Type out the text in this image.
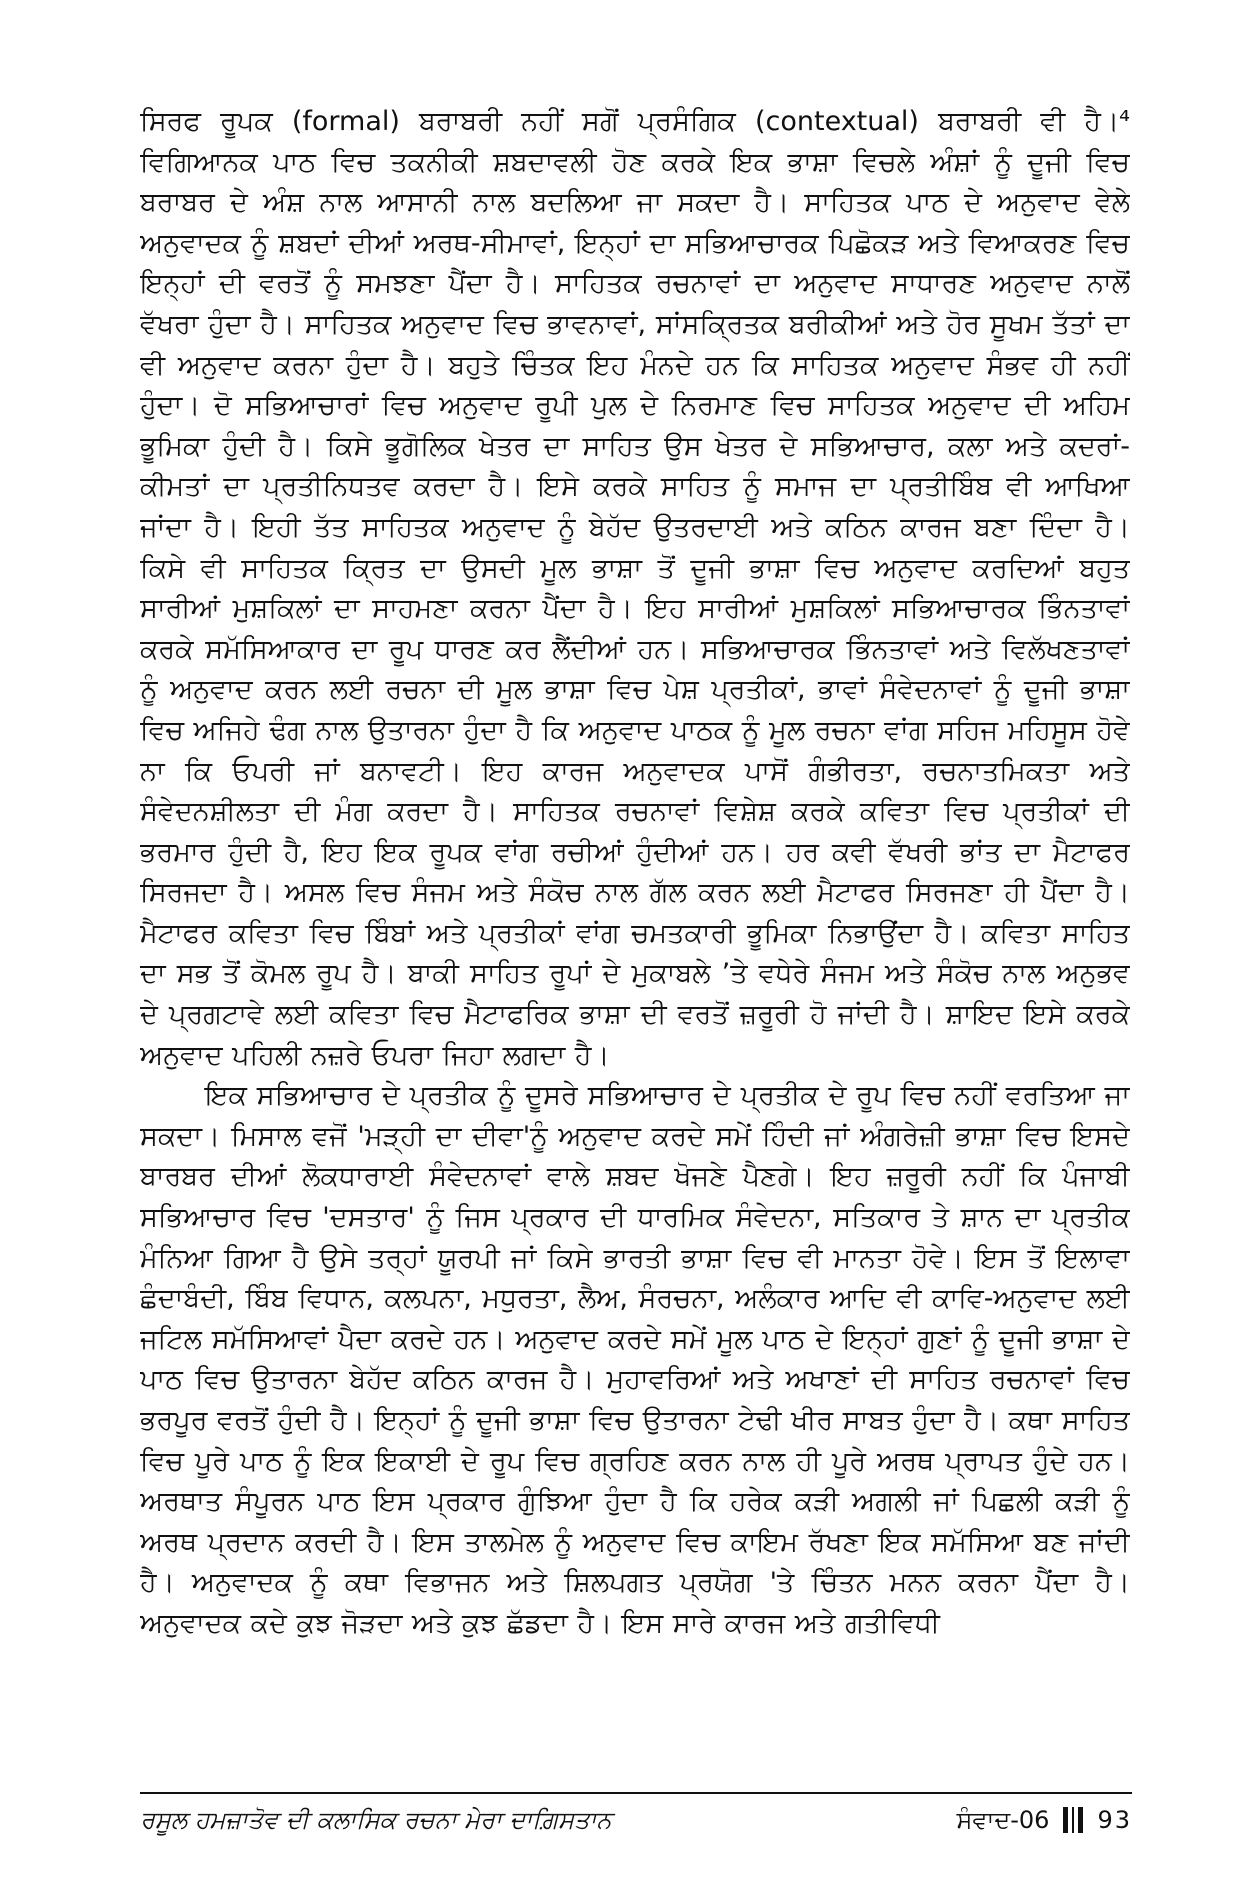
ਸਿਰਫ ਰੂਪਕ (formal) ਬਰਾਬਰੀ ਨਹੀਂ ਸਗੋਂ ਪ੍ਰਸੰਗਿਕ (contextual) ਬਰਾਬਰੀ ਵੀ ਹੈ।⁴ ਵਿਗਿਆਨਕ ਪਾਠ ਵਿਚ ਤਕਨੀਕੀ ਸ਼ਬਦਾਵਲੀ ਹੋਣ ਕਰਕੇ ਇਕ ਭਾਸ਼ਾ ਵਿਚਲੇ ਅੰਸ਼ਾਂ ਨੂੰ ਦੂਜੀ ਵਿਚ ਬਰਾਬਰ ਦੇ ਅੰਸ਼ ਨਾਲ ਆਸਾਨੀ ਨਾਲ ਬਦਲਿਆ ਜਾ ਸਕਦਾ ਹੈ। ਸਾਹਿਤਕ ਪਾਠ ਦੇ ਅਨੁਵਾਦ ਵੇਲੇ ਅਨੁਵਾਦਕ ਨੂੰ ਸ਼ਬਦਾਂ ਦੀਆਂ ਅਰਥ-ਸੀਮਾਵਾਂ, ਇਨ੍ਹਾਂ ਦਾ ਸਭਿਆਚਾਰਕ ਪਿਛੋਕੜ ਅਤੇ ਵਿਆਕਰਣ ਵਿਚ ਇਨ੍ਹਾਂ ਦੀ ਵਰਤੋਂ ਨੂੰ ਸਮਝਣਾ ਪੈਂਦਾ ਹੈ। ਸਾਹਿਤਕ ਰਚਨਾਵਾਂ ਦਾ ਅਨੁਵਾਦ ਸਾਧਾਰਣ ਅਨੁਵਾਦ ਨਾਲੋਂ ਵੱਖਰਾ ਹੁੰਦਾ ਹੈ। ਸਾਹਿਤਕ ਅਨੁਵਾਦ ਵਿਚ ਭਾਵਨਾਵਾਂ, ਸਾਂਸਕ੍ਰਿਤਕ ਬਰੀਕੀਆਂ ਅਤੇ ਹੋਰ ਸੂਖਮ ਤੱਤਾਂ ਦਾ ਵੀ ਅਨੁਵਾਦ ਕਰਨਾ ਹੁੰਦਾ ਹੈ। ਬਹੁਤੇ ਚਿੰਤਕ ਇਹ ਮੰਨਦੇ ਹਨ ਕਿ ਸਾਹਿਤਕ ਅਨੁਵਾਦ ਸੰਭਵ ਹੀ ਨਹੀਂ ਹੁੰਦਾ। ਦੋ ਸਭਿਆਚਾਰਾਂ ਵਿਚ ਅਨੁਵਾਦ ਰੂਪੀ ਪੁਲ ਦੇ ਨਿਰਮਾਣ ਵਿਚ ਸਾਹਿਤਕ ਅਨੁਵਾਦ ਦੀ ਅਹਿਮ ਭੂਮਿਕਾ ਹੁੰਦੀ ਹੈ। ਕਿਸੇ ਭੂਗੋਲਿਕ ਖੇਤਰ ਦਾ ਸਾਹਿਤ ਉਸ ਖੇਤਰ ਦੇ ਸਭਿਆਚਾਰ, ਕਲਾ ਅਤੇ ਕਦਰਾਂ-ਕੀਮਤਾਂ ਦਾ ਪ੍ਰਤੀਨਿਧਤਵ ਕਰਦਾ ਹੈ। ਇਸੇ ਕਰਕੇ ਸਾਹਿਤ ਨੂੰ ਸਮਾਜ ਦਾ ਪ੍ਰਤੀਬਿੰਬ ਵੀ ਆਖਿਆ ਜਾਂਦਾ ਹੈ। ਇਹੀ ਤੱਤ ਸਾਹਿਤਕ ਅਨੁਵਾਦ ਨੂੰ ਬੇਹੱਦ ਉਤਰਦਾਈ ਅਤੇ ਕਠਿਨ ਕਾਰਜ ਬਣਾ ਦਿੰਦਾ ਹੈ। ਕਿਸੇ ਵੀ ਸਾਹਿਤਕ ਕ੍ਰਿਤ ਦਾ ਉਸਦੀ ਮੂਲ ਭਾਸ਼ਾ ਤੋਂ ਦੂਜੀ ਭਾਸ਼ਾ ਵਿਚ ਅਨੁਵਾਦ ਕਰਦਿਆਂ ਬਹੁਤ ਸਾਰੀਆਂ ਮੁਸ਼ਕਿਲਾਂ ਦਾ ਸਾਹਮਣਾ ਕਰਨਾ ਪੈਂਦਾ ਹੈ। ਇਹ ਸਾਰੀਆਂ ਮੁਸ਼ਕਿਲਾਂ ਸਭਿਆਚਾਰਕ ਭਿੰਨਤਾਵਾਂ ਕਰਕੇ ਸਮੱਸਿਆਕਾਰ ਦਾ ਰੂਪ ਧਾਰਣ ਕਰ ਲੈਂਦੀਆਂ ਹਨ। ਸਭਿਆਚਾਰਕ ਭਿੰਨਤਾਵਾਂ ਅਤੇ ਵਿਲੱਖਣਤਾਵਾਂ ਨੂੰ ਅਨੁਵਾਦ ਕਰਨ ਲਈ ਰਚਨਾ ਦੀ ਮੂਲ ਭਾਸ਼ਾ ਵਿਚ ਪੇਸ਼ ਪ੍ਰਤੀਕਾਂ, ਭਾਵਾਂ ਸੰਵੇਦਨਾਵਾਂ ਨੂੰ ਦੂਜੀ ਭਾਸ਼ਾ ਵਿਚ ਅਜਿਹੇ ਢੰਗ ਨਾਲ ਉਤਾਰਨਾ ਹੁੰਦਾ ਹੈ ਕਿ ਅਨੁਵਾਦ ਪਾਠਕ ਨੂੰ ਮੂਲ ਰਚਨਾ ਵਾਂਗ ਸਹਿਜ ਮਹਿਸੂਸ ਹੋਵੇ ਨਾ ਕਿ ਓਪਰੀ ਜਾਂ ਬਨਾਵਟੀ। ਇਹ ਕਾਰਜ ਅਨੁਵਾਦਕ ਪਾਸੋਂ ਗੰਭੀਰਤਾ, ਰਚਨਾਤਮਿਕਤਾ ਅਤੇ ਸੰਵੇਦਨਸ਼ੀਲਤਾ ਦੀ ਮੰਗ ਕਰਦਾ ਹੈ। ਸਾਹਿਤਕ ਰਚਨਾਵਾਂ ਵਿਸ਼ੇਸ਼ ਕਰਕੇ ਕਵਿਤਾ ਵਿਚ ਪ੍ਰਤੀਕਾਂ ਦੀ ਭਰਮਾਰ ਹੁੰਦੀ ਹੈ, ਇਹ ਇਕ ਰੂਪਕ ਵਾਂਗ ਰਚੀਆਂ ਹੁੰਦੀਆਂ ਹਨ। ਹਰ ਕਵੀ ਵੱਖਰੀ ਭਾਂਤ ਦਾ ਮੈਟਾਫਰ ਸਿਰਜਦਾ ਹੈ। ਅਸਲ ਵਿਚ ਸੰਜਮ ਅਤੇ ਸੰਕੋਚ ਨਾਲ ਗੱਲ ਕਰਨ ਲਈ ਮੈਟਾਫਰ ਸਿਰਜਣਾ ਹੀ ਪੈਂਦਾ ਹੈ। ਮੈਟਾਫਰ ਕਵਿਤਾ ਵਿਚ ਬਿੰਬਾਂ ਅਤੇ ਪ੍ਰਤੀਕਾਂ ਵਾਂਗ ਚਮਤਕਾਰੀ ਭੂਮਿਕਾ ਨਿਭਾਉਂਦਾ ਹੈ। ਕਵਿਤਾ ਸਾਹਿਤ ਦਾ ਸਭ ਤੋਂ ਕੋਮਲ ਰੂਪ ਹੈ। ਬਾਕੀ ਸਾਹਿਤ ਰੂਪਾਂ ਦੇ ਮੁਕਾਬਲੇ ’ਤੇ ਵਧੇਰੇ ਸੰਜਮ ਅਤੇ ਸੰਕੋਚ ਨਾਲ ਅਨੁਭਵ ਦੇ ਪ੍ਰਗਟਾਵੇ ਲਈ ਕਵਿਤਾ ਵਿਚ ਮੈਟਾਫਰਿਕ ਭਾਸ਼ਾ ਦੀ ਵਰਤੋਂ ਜ਼ਰੂਰੀ ਹੋ ਜਾਂਦੀ ਹੈ। ਸ਼ਾਇਦ ਇਸੇ ਕਰਕੇ ਅਨੁਵਾਦ ਪਹਿਲੀ ਨਜ਼ਰੇ ਓਪਰਾ ਜਿਹਾ ਲਗਦਾ ਹੈ।

ਇਕ ਸਭਿਆਚਾਰ ਦੇ ਪ੍ਰਤੀਕ ਨੂੰ ਦੂਸਰੇ ਸਭਿਆਚਾਰ ਦੇ ਪ੍ਰਤੀਕ ਦੇ ਰੂਪ ਵਿਚ ਨਹੀਂ ਵਰਤਿਆ ਜਾ ਸਕਦਾ। ਮਿਸਾਲ ਵਜੋਂ 'ਮੜ੍ਹੀ ਦਾ ਦੀਵਾ'ਨੂੰ ਅਨੁਵਾਦ ਕਰਦੇ ਸਮੇਂ ਹਿੰਦੀ ਜਾਂ ਅੰਗਰੇਜ਼ੀ ਭਾਸ਼ਾ ਵਿਚ ਇਸਦੇ ਬਾਰਬਰ ਦੀਆਂ ਲੋਕਧਾਰਾਈ ਸੰਵੇਦਨਾਵਾਂ ਵਾਲੇ ਸ਼ਬਦ ਖੋਜਣੇ ਪੈਣਗੇ। ਇਹ ਜ਼ਰੂਰੀ ਨਹੀਂ ਕਿ ਪੰਜਾਬੀ ਸਭਿਆਚਾਰ ਵਿਚ 'ਦਸਤਾਰ' ਨੂੰ ਜਿਸ ਪ੍ਰਕਾਰ ਦੀ ਧਾਰਮਿਕ ਸੰਵੇਦਨਾ, ਸਤਿਕਾਰ ਤੇ ਸ਼ਾਨ ਦਾ ਪ੍ਰਤੀਕ ਮੰਨਿਆ ਗਿਆ ਹੈ ਉਸੇ ਤਰ੍ਹਾਂ ਯੂਰਪੀ ਜਾਂ ਕਿਸੇ ਭਾਰਤੀ ਭਾਸ਼ਾ ਵਿਚ ਵੀ ਮਾਨਤਾ ਹੋਵੇ। ਇਸ ਤੋਂ ਇਲਾਵਾ ਛੰਦਾਬੰਦੀ, ਬਿੰਬ ਵਿਧਾਨ, ਕਲਪਨਾ, ਮਧੁਰਤਾ, ਲੈਅ, ਸੰਰਚਨਾ, ਅਲੰਕਾਰ ਆਦਿ ਵੀ ਕਾਵਿ-ਅਨੁਵਾਦ ਲਈ ਜਟਿਲ ਸਮੱਸਿਆਵਾਂ ਪੈਦਾ ਕਰਦੇ ਹਨ। ਅਨੁਵਾਦ ਕਰਦੇ ਸਮੇਂ ਮੂਲ ਪਾਠ ਦੇ ਇਨ੍ਹਾਂ ਗੁਣਾਂ ਨੂੰ ਦੂਜੀ ਭਾਸ਼ਾ ਦੇ ਪਾਠ ਵਿਚ ਉਤਾਰਨਾ ਬੇਹੱਦ ਕਠਿਨ ਕਾਰਜ ਹੈ। ਮੁਹਾਵਰਿਆਂ ਅਤੇ ਅਖਾਣਾਂ ਦੀ ਸਾਹਿਤ ਰਚਨਾਵਾਂ ਵਿਚ ਭਰਪੂਰ ਵਰਤੋਂ ਹੁੰਦੀ ਹੈ। ਇਨ੍ਹਾਂ ਨੂੰ ਦੂਜੀ ਭਾਸ਼ਾ ਵਿਚ ਉਤਾਰਨਾ ਟੇਢੀ ਖੀਰ ਸਾਬਤ ਹੁੰਦਾ ਹੈ। ਕਥਾ ਸਾਹਿਤ ਵਿਚ ਪੂਰੇ ਪਾਠ ਨੂੰ ਇਕ ਇਕਾਈ ਦੇ ਰੂਪ ਵਿਚ ਗ੍ਰਹਿਣ ਕਰਨ ਨਾਲ ਹੀ ਪੂਰੇ ਅਰਥ ਪ੍ਰਾਪਤ ਹੁੰਦੇ ਹਨ। ਅਰਥਾਤ ਸੰਪੂਰਨ ਪਾਠ ਇਸ ਪ੍ਰਕਾਰ ਗੁੰਝਿਆ ਹੁੰਦਾ ਹੈ ਕਿ ਹਰੇਕ ਕੜੀ ਅਗਲੀ ਜਾਂ ਪਿਛਲੀ ਕੜੀ ਨੂੰ ਅਰਥ ਪ੍ਰਦਾਨ ਕਰਦੀ ਹੈ। ਇਸ ਤਾਲਮੇਲ ਨੂੰ ਅਨੁਵਾਦ ਵਿਚ ਕਾਇਮ ਰੱਖਣਾ ਇਕ ਸਮੱਸਿਆ ਬਣ ਜਾਂਦੀ ਹੈ। ਅਨੁਵਾਦਕ ਨੂੰ ਕਥਾ ਵਿਭਾਜਨ ਅਤੇ ਸ਼ਿਲਪਗਤ ਪ੍ਰਯੋਗ 'ਤੇ ਚਿੰਤਨ ਮਨਨ ਕਰਨਾ ਪੈਂਦਾ ਹੈ। ਅਨੁਵਾਦਕ ਕਦੇ ਕੁਝ ਜੋੜਦਾ ਅਤੇ ਕੁਝ ਛੱਡਦਾ ਹੈ। ਇਸ ਸਾਰੇ ਕਾਰਜ ਅਤੇ ਗਤੀਵਿਧੀ

ਰਸੂਲ ਹਮਜ਼ਾਤੋਵ ਦੀ ਕਲਾਸਿਕ ਰਚਨਾ ਮੇਰਾ ਦਾਗ਼ਿਸਤਾਨ	ਸੰਵਾਦ-06 93
